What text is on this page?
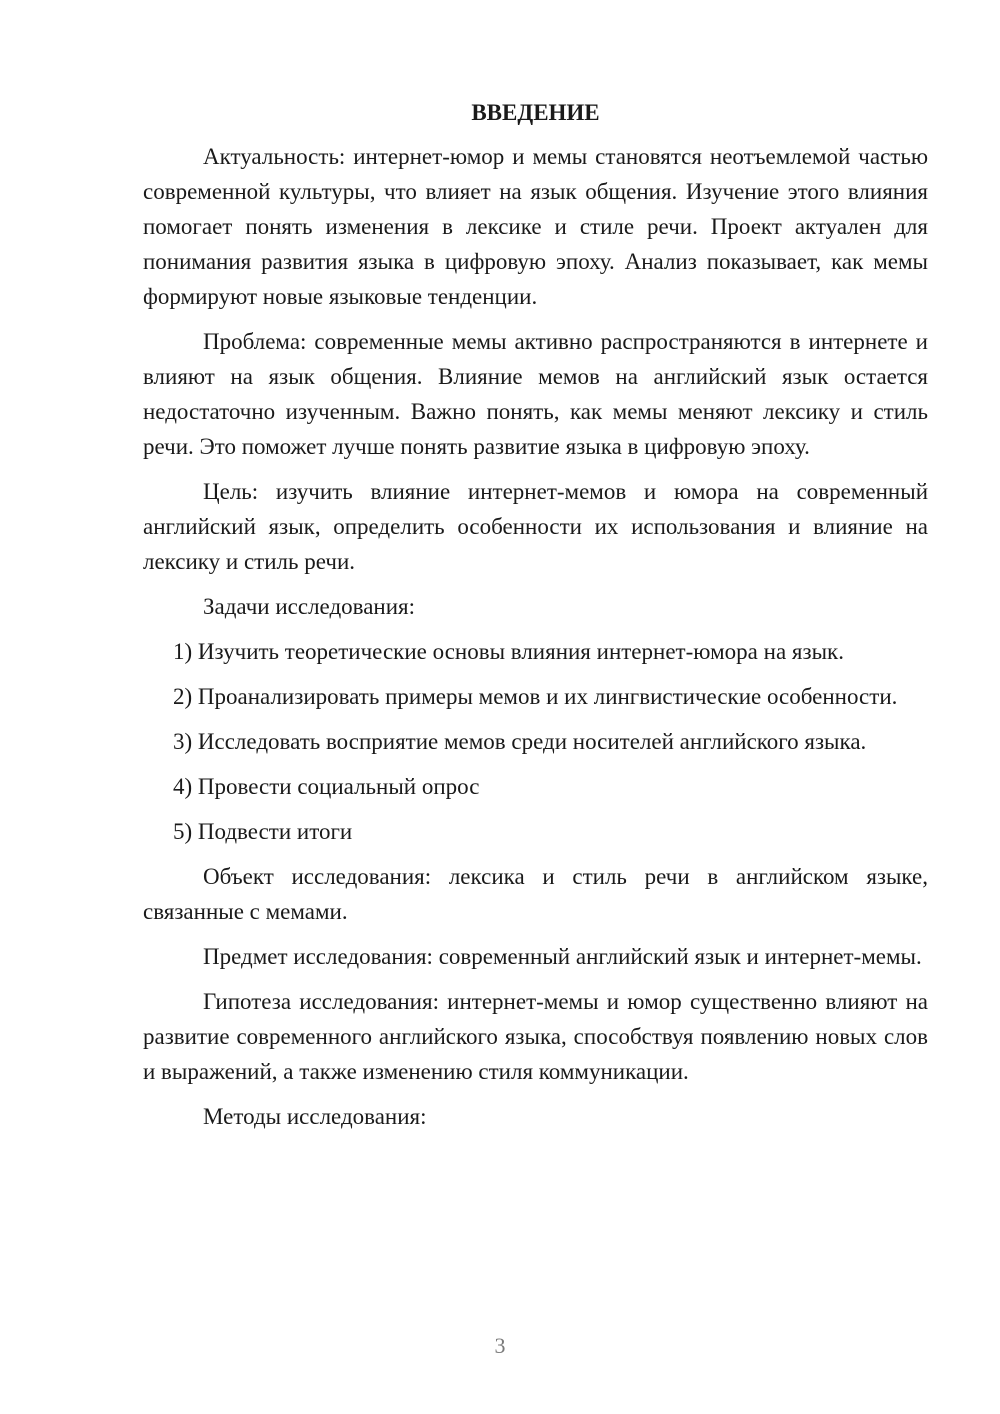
ВВЕДЕНИЕ

Актуальность: интернет-юмор и мемы становятся неотъемлемой частью современной культуры, что влияет на язык общения. Изучение этого влияния помогает понять изменения в лексике и стиле речи. Проект актуален для понимания развития языка в цифровую эпоху. Анализ показывает, как мемы формируют новые языковые тенденции.

Проблема: современные мемы активно распространяются в интернете и влияют на язык общения. Влияние мемов на английский язык остается недостаточно изученным. Важно понять, как мемы меняют лексику и стиль речи. Это поможет лучше понять развитие языка в цифровую эпоху.

Цель: изучить влияние интернет-мемов и юмора на современный английский язык, определить особенности их использования и влияние на лексику и стиль речи.

Задачи исследования:

1) Изучить теоретические основы влияния интернет-юмора на язык.

2) Проанализировать примеры мемов и их лингвистические особенности.

3) Исследовать восприятие мемов среди носителей английского языка.

4) Провести социальный опрос

5) Подвести итоги

Объект исследования: лексика и стиль речи в английском языке, связанные с мемами.

Предмет исследования: современный английский язык и интернет-мемы.

Гипотеза исследования: интернет-мемы и юмор существенно влияют на развитие современного английского языка, способствуя появлению новых слов и выражений, а также изменению стиля коммуникации.

Методы исследования:

3
